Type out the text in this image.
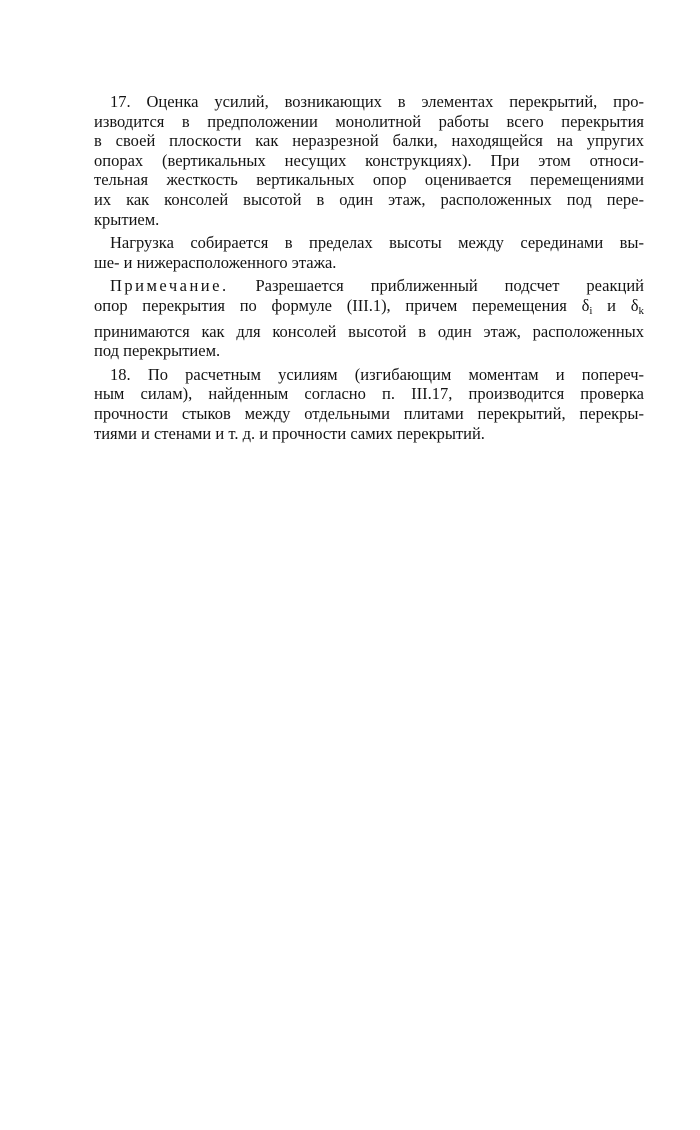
17. Оценка усилий, возникающих в элементах перекрытий, про-
изводится в предположении монолитной работы всего перекрытия
в своей плоскости как неразрезной балки, находящейся на упругих
опорах (вертикальных несущих конструкциях). При этом относи-
тельная жесткость вертикальных опор оценивается перемещениями
их как консолей высотой в один этаж, расположенных под пере-
крытием.
Нагрузка собирается в пределах высоты между серединами вы-
ше- и нижерасположенного этажа.
Примечание. Разрешается приближенный подсчет реакций
опор перекрытия по формуле (III.1), причем перемещения $\delta_i$ и $\delta_k$
принимаются как для консолей высотой в один этаж, расположенных
под перекрытием.
18. По расчетным усилиям (изгибающим моментам и попереч-
ным силам), найденным согласно п. III.17, производится проверка
прочности стыков между отдельными плитами перекрытий, перекры-
тиями и стенами и т. д. и прочности самих перекрытий.
